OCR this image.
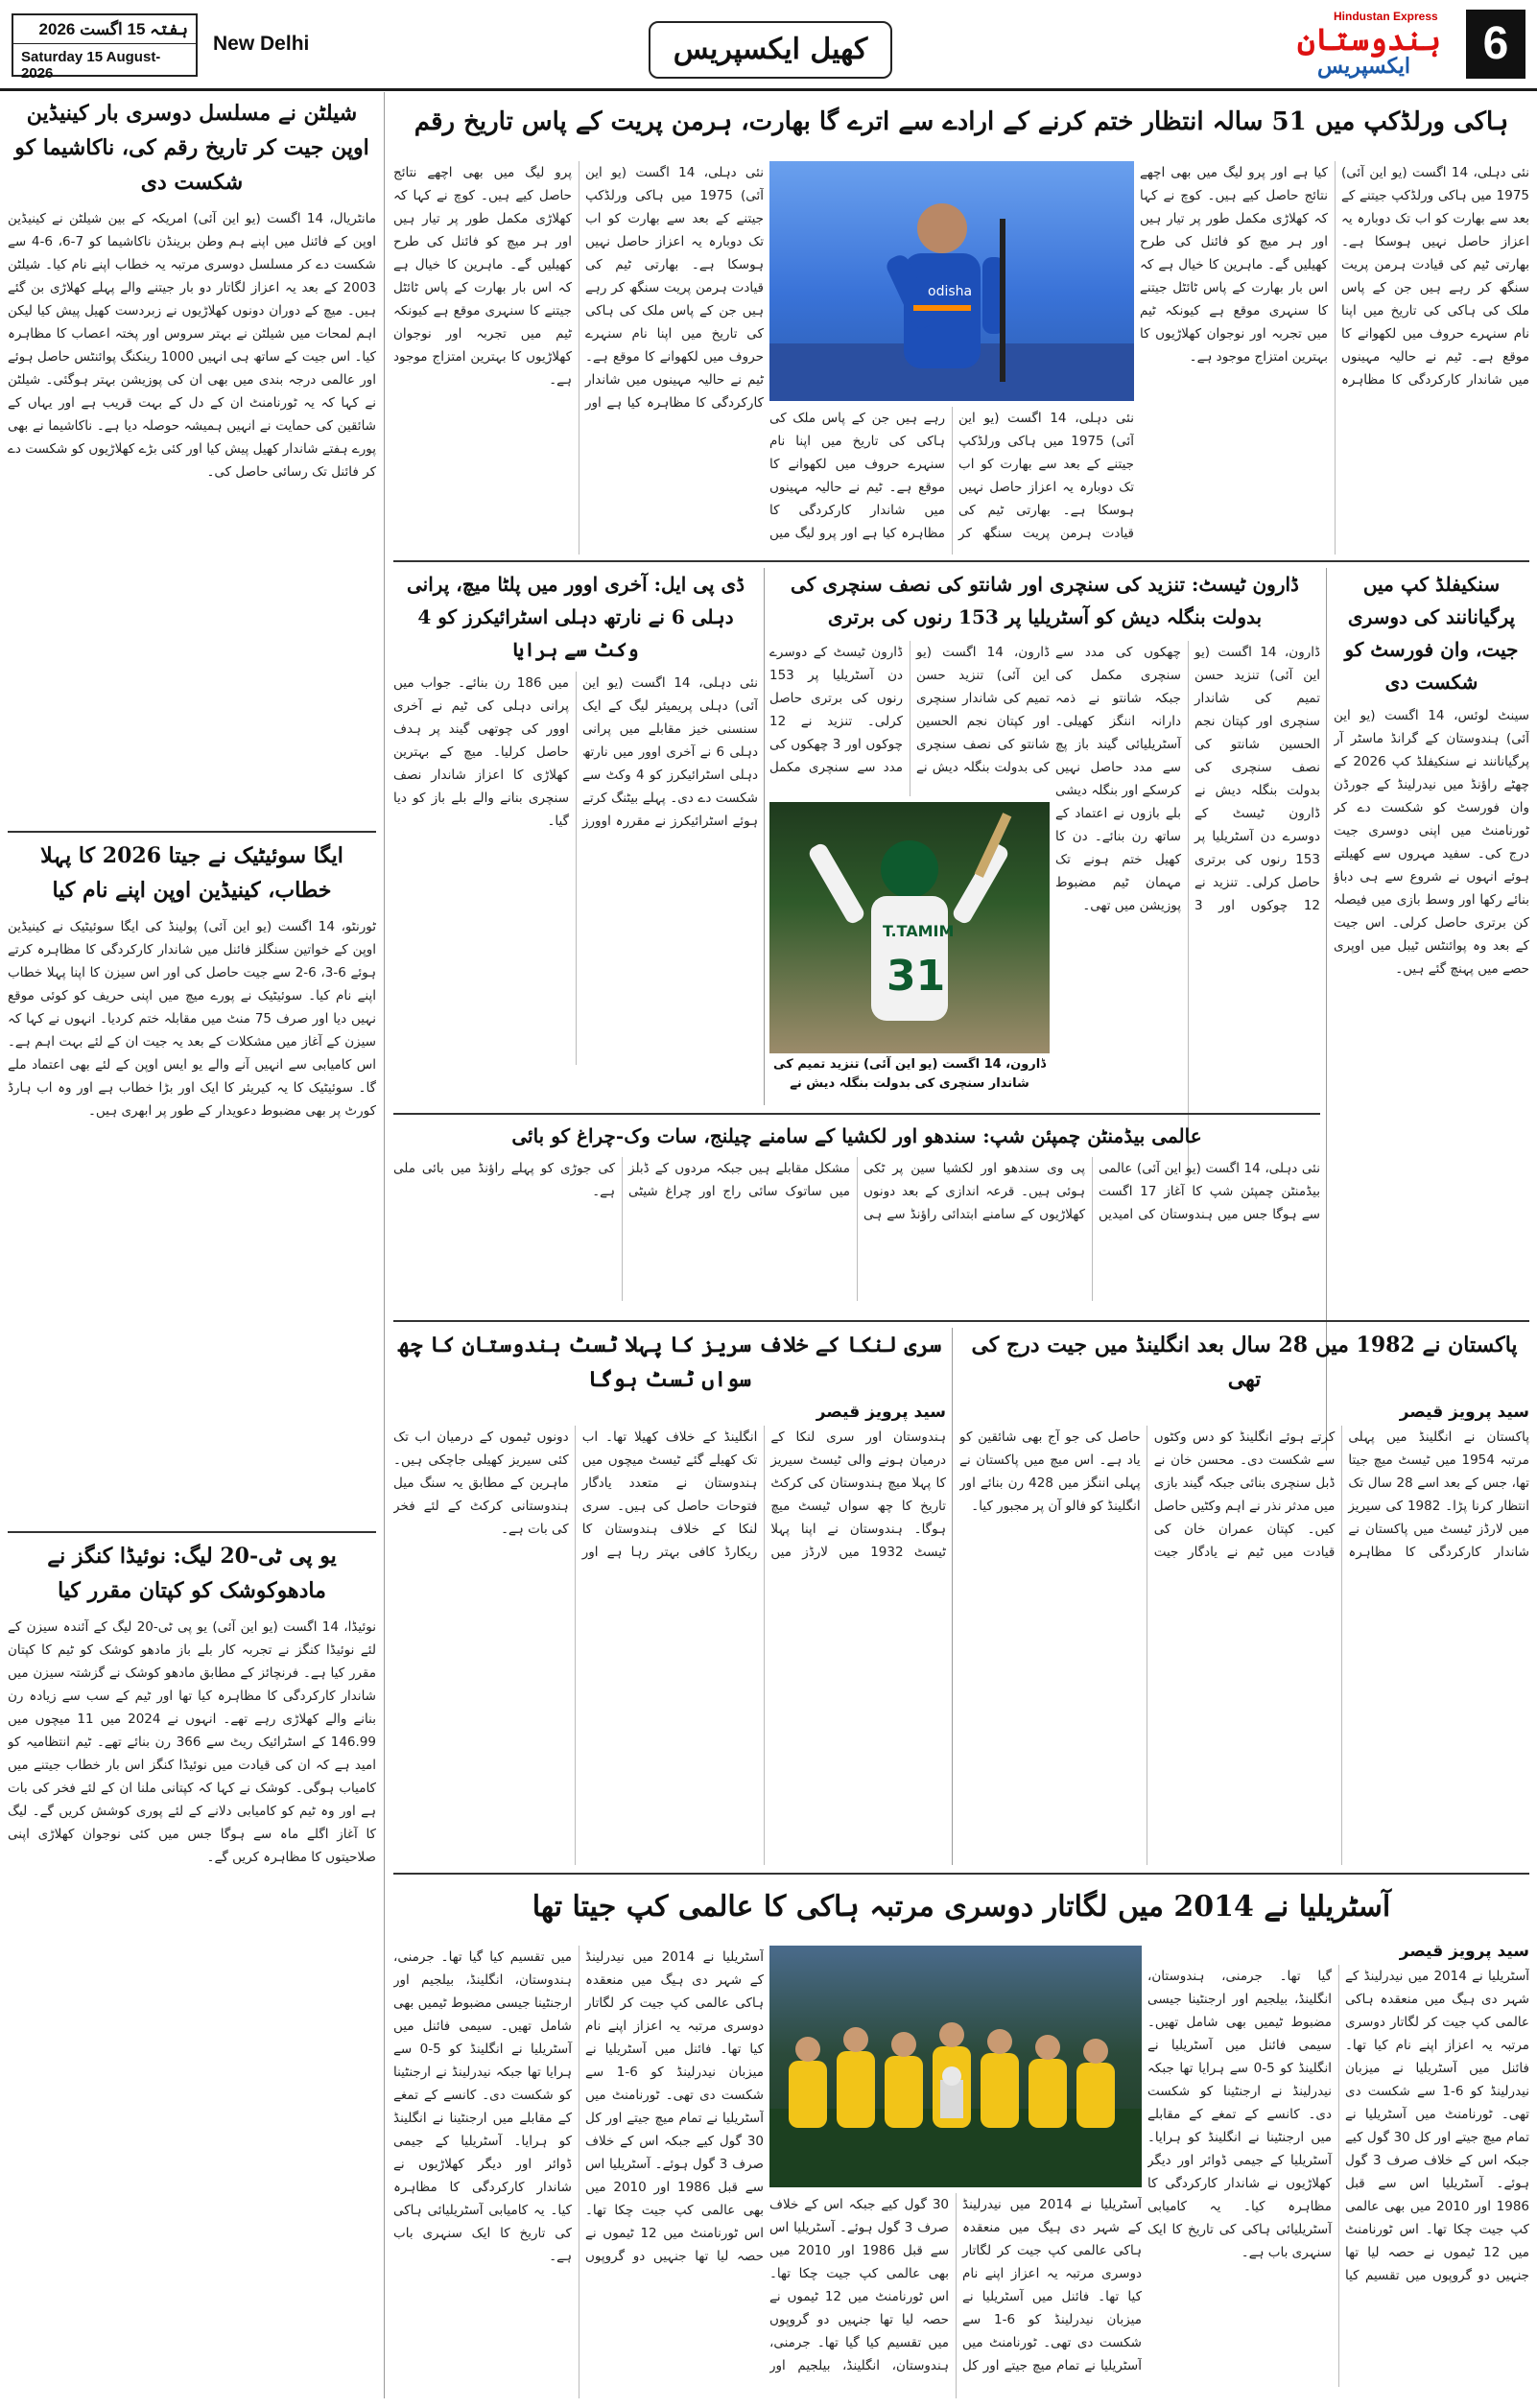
ہفتہ 15 اگست 2026
Saturday 15 August-2026
New Delhi	کھیل ایکسپریس
Hindustan Express
ہندوستان
ایکسپریس	6
شیلٹن نے مسلسل دوسری بار کینیڈین اوپن جیت کر تاریخ رقم کی، ناکاشیما کو شکست دی
مانٹریال، 14 اگست (یو این آئی) امریکہ کے بین شیلٹن نے کینیڈین اوپن کے فائنل میں اپنے ہم وطن برینڈن ناکاشیما کو 7-6، 6-4 سے شکست دے کر مسلسل دوسری مرتبہ یہ خطاب اپنے نام کیا۔ شیلٹن 2003 کے بعد یہ اعزاز لگاتار دو بار جیتنے والے پہلے کھلاڑی بن گئے ہیں۔ میچ کے دوران دونوں کھلاڑیوں نے زبردست کھیل پیش کیا لیکن اہم لمحات میں شیلٹن نے بہتر سروس اور پختہ اعصاب کا مظاہرہ کیا۔ اس جیت کے ساتھ ہی انہیں 1000 رینکنگ پوائنٹس حاصل ہوئے اور عالمی درجہ بندی میں بھی ان کی پوزیشن بہتر ہوگئی۔ شیلٹن نے کہا کہ یہ ٹورنامنٹ ان کے دل کے بہت قریب ہے اور یہاں کے شائقین کی حمایت نے انہیں ہمیشہ حوصلہ دیا ہے۔ ناکاشیما نے بھی پورے ہفتے شاندار کھیل پیش کیا اور کئی بڑے کھلاڑیوں کو شکست دے کر فائنل تک رسائی حاصل کی۔
ایگا سوئیٹیک نے جیتا 2026 کا پہلا خطاب، کینیڈین اوپن اپنے نام کیا
ٹورنٹو، 14 اگست (یو این آئی) پولینڈ کی ایگا سوئیٹیک نے کینیڈین اوپن کے خواتین سنگلز فائنل میں شاندار کارکردگی کا مظاہرہ کرتے ہوئے 6-3، 6-2 سے جیت حاصل کی اور اس سیزن کا اپنا پہلا خطاب اپنے نام کیا۔ سوئیٹیک نے پورے میچ میں اپنی حریف کو کوئی موقع نہیں دیا اور صرف 75 منٹ میں مقابلہ ختم کردیا۔ انہوں نے کہا کہ سیزن کے آغاز میں مشکلات کے بعد یہ جیت ان کے لئے بہت اہم ہے۔ اس کامیابی سے انہیں آنے والے یو ایس اوپن کے لئے بھی اعتماد ملے گا۔ سوئیٹیک کا یہ کیریئر کا ایک اور بڑا خطاب ہے اور وہ اب ہارڈ کورٹ پر بھی مضبوط دعویدار کے طور پر ابھری ہیں۔
یو پی ٹی-20 لیگ: نوئیڈا کنگز نے مادھوکوشک کو کپتان مقرر کیا
نوئیڈا، 14 اگست (یو این آئی) یو پی ٹی-20 لیگ کے آئندہ سیزن کے لئے نوئیڈا کنگز نے تجربہ کار بلے باز مادھو کوشک کو ٹیم کا کپتان مقرر کیا ہے۔ فرنچائز کے مطابق مادھو کوشک نے گزشتہ سیزن میں شاندار کارکردگی کا مظاہرہ کیا تھا اور ٹیم کے سب سے زیادہ رن بنانے والے کھلاڑی رہے تھے۔ انہوں نے 2024 میں 11 میچوں میں 146.99 کے اسٹرائیک ریٹ سے 366 رن بنائے تھے۔ ٹیم انتظامیہ کو امید ہے کہ ان کی قیادت میں نوئیڈا کنگز اس بار خطاب جیتنے میں کامیاب ہوگی۔ کوشک نے کہا کہ کپتانی ملنا ان کے لئے فخر کی بات ہے اور وہ ٹیم کو کامیابی دلانے کے لئے پوری کوشش کریں گے۔ لیگ کا آغاز اگلے ماہ سے ہوگا جس میں کئی نوجوان کھلاڑی اپنی صلاحیتوں کا مظاہرہ کریں گے۔
ہاکی ورلڈکپ میں 51 سالہ انتظار ختم کرنے کے ارادے سے اترے گا بھارت، ہرمن پریت کے پاس تاریخ رقم
نئی دہلی، 14 اگست (یو این آئی) 1975 میں ہاکی ورلڈکپ جیتنے کے بعد سے بھارت کو اب تک دوبارہ یہ اعزاز حاصل نہیں ہوسکا ہے۔ بھارتی ٹیم کی قیادت ہرمن پریت سنگھ کر رہے ہیں جن کے پاس ملک کی ہاکی کی تاریخ میں اپنا نام سنہرے حروف میں لکھوانے کا موقع ہے۔ ٹیم نے حالیہ مہینوں میں شاندار کارکردگی کا مظاہرہ کیا ہے اور پرو لیگ میں بھی اچھے نتائج حاصل کیے ہیں۔ کوچ نے کہا کہ کھلاڑی مکمل طور پر تیار ہیں اور ہر میچ کو فائنل کی طرح کھیلیں گے۔ ماہرین کا خیال ہے کہ اس بار بھارت کے پاس ٹائٹل جیتنے کا سنہری موقع ہے کیونکہ ٹیم میں تجربہ اور نوجوان کھلاڑیوں کا بہترین امتزاج موجود ہے۔
odisha
نئی دہلی، 14 اگست (یو این آئی) 1975 میں ہاکی ورلڈکپ جیتنے کے بعد سے بھارت کو اب تک دوبارہ یہ اعزاز حاصل نہیں ہوسکا ہے۔ بھارتی ٹیم کی قیادت ہرمن پریت سنگھ کر رہے ہیں جن کے پاس ملک کی ہاکی کی تاریخ میں اپنا نام سنہرے حروف میں لکھوانے کا موقع ہے۔ ٹیم نے حالیہ مہینوں میں شاندار کارکردگی کا مظاہرہ کیا ہے اور پرو لیگ میں بھی اچھے نتائج حاصل کیے ہیں۔ کوچ نے کہا کہ کھلاڑی مکمل طور پر تیار ہیں اور ہر میچ کو فائنل کی طرح کھیلیں گے۔ ماہرین کا خیال ہے کہ اس بار بھارت کے پاس ٹائٹل جیتنے کا سنہری موقع ہے کیونکہ ٹیم میں تجربہ اور نوجوان کھلاڑیوں کا بہترین امتزاج موجود ہے۔
نئی دہلی، 14 اگست (یو این آئی) 1975 میں ہاکی ورلڈکپ جیتنے کے بعد سے بھارت کو اب تک دوبارہ یہ اعزاز حاصل نہیں ہوسکا ہے۔ بھارتی ٹیم کی قیادت ہرمن پریت سنگھ کر رہے ہیں جن کے پاس ملک کی ہاکی کی تاریخ میں اپنا نام سنہرے حروف میں لکھوانے کا موقع ہے۔ ٹیم نے حالیہ مہینوں میں شاندار کارکردگی کا مظاہرہ کیا ہے اور پرو لیگ میں
سنکیفلڈ کپ میں پرگیانانند کی دوسری جیت، وان فورسٹ کو شکست دی
سینٹ لوئس، 14 اگست (یو این آئی) ہندوستان کے گرانڈ ماسٹر آر پرگیانانند نے سنکیفلڈ کپ 2026 کے چھٹے راؤنڈ میں نیدرلینڈ کے جورڈن وان فورسٹ کو شکست دے کر ٹورنامنٹ میں اپنی دوسری جیت درج کی۔ سفید مہروں سے کھیلتے ہوئے انہوں نے شروع سے ہی دباؤ بنائے رکھا اور وسط بازی میں فیصلہ کن برتری حاصل کرلی۔ اس جیت کے بعد وہ پوائنٹس ٹیبل میں اوپری حصے میں پہنچ گئے ہیں۔
ڈارون ٹیسٹ: تنزید کی سنچری اور شانتو کی نصف سنچری کی بدولت بنگلہ دیش کو آسٹریلیا پر 153 رنوں کی برتری
ڈارون، 14 اگست (یو این آئی) تنزید حسن تمیم کی شاندار سنچری اور کپتان نجم الحسین شانتو کی نصف سنچری کی بدولت بنگلہ دیش نے ڈارون ٹیسٹ کے دوسرے دن آسٹریلیا پر 153 رنوں کی برتری حاصل کرلی۔ تنزید نے 12 چوکوں اور 3 چھکوں کی مدد سے سنچری مکمل کی جبکہ شانتو نے ذمہ دارانہ اننگز کھیلی۔ آسٹریلیائی گیند باز پچ سے مدد حاصل نہیں کرسکے اور بنگلہ دیشی بلے بازوں نے اعتماد کے ساتھ رن بنائے۔ دن کا کھیل ختم ہونے تک مہمان ٹیم مضبوط پوزیشن میں تھی۔
T.TAMIM
31
ڈارون، 14 اگست (یو این آئی) تنزید تمیم کی شاندار سنچری کی بدولت بنگلہ دیش نے
ڈارون، 14 اگست (یو این آئی) تنزید حسن تمیم کی شاندار سنچری اور کپتان نجم الحسین شانتو کی نصف سنچری کی بدولت بنگلہ دیش نے ڈارون ٹیسٹ کے دوسرے دن آسٹریلیا پر 153 رنوں کی برتری حاصل کرلی۔ تنزید نے 12 چوکوں اور 3 چھکوں کی مدد سے سنچری مکمل
ڈی پی ایل: آخری اوور میں پلٹا میچ، پرانی دہلی 6 نے نارتھ دہلی اسٹرائیکرز کو 4 وکٹ سے ہرایا
نئی دہلی، 14 اگست (یو این آئی) دہلی پریمیئر لیگ کے ایک سنسنی خیز مقابلے میں پرانی دہلی 6 نے آخری اوور میں نارتھ دہلی اسٹرائیکرز کو 4 وکٹ سے شکست دے دی۔ پہلے بیٹنگ کرتے ہوئے اسٹرائیکرز نے مقررہ اوورز میں 186 رن بنائے۔ جواب میں پرانی دہلی کی ٹیم نے آخری اوور کی چوتھی گیند پر ہدف حاصل کرلیا۔ میچ کے بہترین کھلاڑی کا اعزاز شاندار نصف سنچری بنانے والے بلے باز کو دیا گیا۔
عالمی بیڈمنٹن چمپئن شپ: سندھو اور لکشیا کے سامنے چیلنج، سات وک-چراغ کو بائی
نئی دہلی، 14 اگست (یو این آئی) عالمی بیڈمنٹن چمپئن شپ کا آغاز 17 اگست سے ہوگا جس میں ہندوستان کی امیدیں پی وی سندھو اور لکشیا سین پر ٹکی ہوئی ہیں۔ قرعہ اندازی کے بعد دونوں کھلاڑیوں کے سامنے ابتدائی راؤنڈ سے ہی مشکل مقابلے ہیں جبکہ مردوں کے ڈبلز میں ساتوک سائی راج اور چراغ شیٹی کی جوڑی کو پہلے راؤنڈ میں بائی ملی ہے۔
پاکستان نے 1982 میں 28 سال بعد انگلینڈ میں جیت درج کی تھی
سید پرویز قیصر
پاکستان نے انگلینڈ میں پہلی مرتبہ 1954 میں ٹیسٹ میچ جیتا تھا، جس کے بعد اسے 28 سال تک انتظار کرنا پڑا۔ 1982 کی سیریز میں لارڈز ٹیسٹ میں پاکستان نے شاندار کارکردگی کا مظاہرہ کرتے ہوئے انگلینڈ کو دس وکٹوں سے شکست دی۔ محسن خان نے ڈبل سنچری بنائی جبکہ گیند بازی میں مدثر نذر نے اہم وکٹیں حاصل کیں۔ کپتان عمران خان کی قیادت میں ٹیم نے یادگار جیت حاصل کی جو آج بھی شائقین کو یاد ہے۔ اس میچ میں پاکستان نے پہلی اننگز میں 428 رن بنائے اور انگلینڈ کو فالو آن پر مجبور کیا۔
سری لنکا کے خلاف سریز کا پہلا ٹسٹ ہندوستان کا چھ سواں ٹسٹ ہوگا
سید پرویز قیصر
ہندوستان اور سری لنکا کے درمیان ہونے والی ٹیسٹ سیریز کا پہلا میچ ہندوستان کی کرکٹ تاریخ کا چھ سواں ٹیسٹ میچ ہوگا۔ ہندوستان نے اپنا پہلا ٹیسٹ 1932 میں لارڈز میں انگلینڈ کے خلاف کھیلا تھا۔ اب تک کھیلے گئے ٹیسٹ میچوں میں ہندوستان نے متعدد یادگار فتوحات حاصل کی ہیں۔ سری لنکا کے خلاف ہندوستان کا ریکارڈ کافی بہتر رہا ہے اور دونوں ٹیموں کے درمیان اب تک کئی سیریز کھیلی جاچکی ہیں۔ ماہرین کے مطابق یہ سنگ میل ہندوستانی کرکٹ کے لئے فخر کی بات ہے۔
آسٹریلیا نے 2014 میں لگاتار دوسری مرتبہ ہاکی کا عالمی کپ جیتا تھا
سید پرویز قیصر
آسٹریلیا نے 2014 میں نیدرلینڈ کے شہر دی ہیگ میں منعقدہ ہاکی عالمی کپ جیت کر لگاتار دوسری مرتبہ یہ اعزاز اپنے نام کیا تھا۔ فائنل میں آسٹریلیا نے میزبان نیدرلینڈ کو 6-1 سے شکست دی تھی۔ ٹورنامنٹ میں آسٹریلیا نے تمام میچ جیتے اور کل 30 گول کیے جبکہ اس کے خلاف صرف 3 گول ہوئے۔ آسٹریلیا اس سے قبل 1986 اور 2010 میں بھی عالمی کپ جیت چکا تھا۔ اس ٹورنامنٹ میں 12 ٹیموں نے حصہ لیا تھا جنہیں دو گروپوں میں تقسیم کیا گیا تھا۔ جرمنی، ہندوستان، انگلینڈ، بیلجیم اور ارجنٹینا جیسی مضبوط ٹیمیں بھی شامل تھیں۔ سیمی فائنل میں آسٹریلیا نے انگلینڈ کو 5-0 سے ہرایا تھا جبکہ نیدرلینڈ نے ارجنٹینا کو شکست دی۔ کانسے کے تمغے کے مقابلے میں ارجنٹینا نے انگلینڈ کو ہرایا۔ آسٹریلیا کے جیمی ڈوائر اور دیگر کھلاڑیوں نے شاندار کارکردگی کا مظاہرہ کیا۔ یہ کامیابی آسٹریلیائی ہاکی کی تاریخ کا ایک سنہری باب ہے۔
آسٹریلیا نے 2014 میں نیدرلینڈ کے شہر دی ہیگ میں منعقدہ ہاکی عالمی کپ جیت کر لگاتار دوسری مرتبہ یہ اعزاز اپنے نام کیا تھا۔ فائنل میں آسٹریلیا نے میزبان نیدرلینڈ کو 6-1 سے شکست دی تھی۔ ٹورنامنٹ میں آسٹریلیا نے تمام میچ جیتے اور کل 30 گول کیے جبکہ اس کے خلاف صرف 3 گول ہوئے۔ آسٹریلیا اس سے قبل 1986 اور 2010 میں بھی عالمی کپ جیت چکا تھا۔ اس ٹورنامنٹ میں 12 ٹیموں نے حصہ لیا تھا جنہیں دو گروپوں میں تقسیم کیا گیا تھا۔ جرمنی، ہندوستان، انگلینڈ، بیلجیم اور
آسٹریلیا نے 2014 میں نیدرلینڈ کے شہر دی ہیگ میں منعقدہ ہاکی عالمی کپ جیت کر لگاتار دوسری مرتبہ یہ اعزاز اپنے نام کیا تھا۔ فائنل میں آسٹریلیا نے میزبان نیدرلینڈ کو 6-1 سے شکست دی تھی۔ ٹورنامنٹ میں آسٹریلیا نے تمام میچ جیتے اور کل 30 گول کیے جبکہ اس کے خلاف صرف 3 گول ہوئے۔ آسٹریلیا اس سے قبل 1986 اور 2010 میں بھی عالمی کپ جیت چکا تھا۔ اس ٹورنامنٹ میں 12 ٹیموں نے حصہ لیا تھا جنہیں دو گروپوں میں تقسیم کیا گیا تھا۔ جرمنی، ہندوستان، انگلینڈ، بیلجیم اور ارجنٹینا جیسی مضبوط ٹیمیں بھی شامل تھیں۔ سیمی فائنل میں آسٹریلیا نے انگلینڈ کو 5-0 سے ہرایا تھا جبکہ نیدرلینڈ نے ارجنٹینا کو شکست دی۔ کانسے کے تمغے کے مقابلے میں ارجنٹینا نے انگلینڈ کو ہرایا۔ آسٹریلیا کے جیمی ڈوائر اور دیگر کھلاڑیوں نے شاندار کارکردگی کا مظاہرہ کیا۔ یہ کامیابی آسٹریلیائی ہاکی کی تاریخ کا ایک سنہری باب ہے۔
